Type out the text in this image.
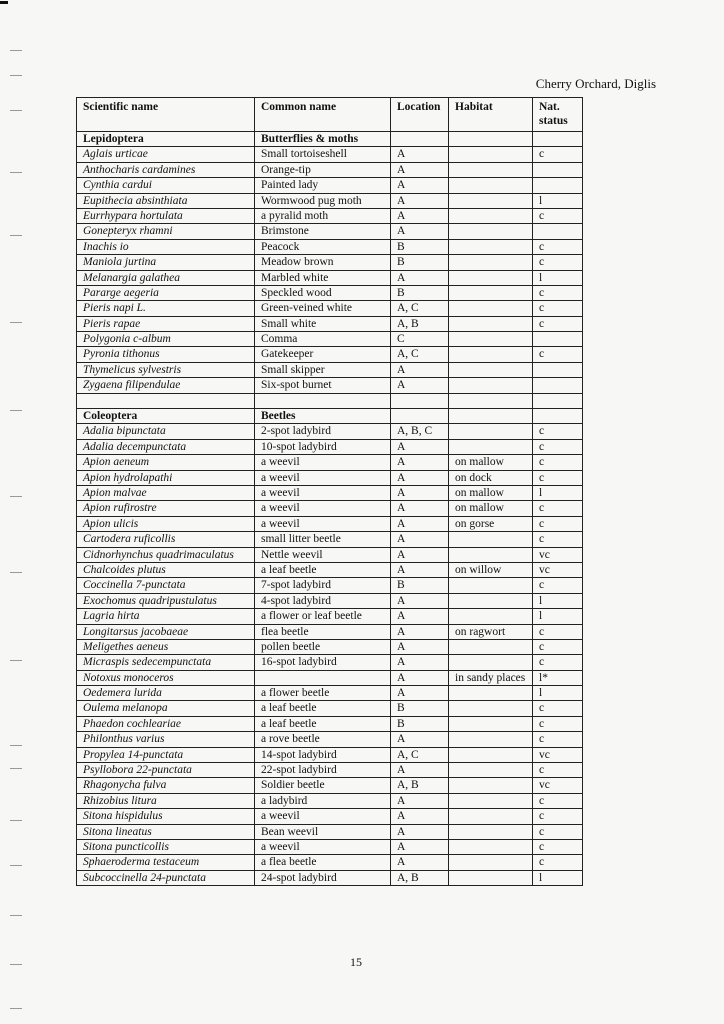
Cherry Orchard, Diglis
Scientific name	Common name	Location	Habitat	Nat. status
Lepidoptera	Butterflies & moths			
Aglais urticae	Small tortoiseshell	A		c
Anthocharis cardamines	Orange-tip	A		
Cynthia cardui	Painted lady	A		
Eupithecia absinthiata	Wormwood pug moth	A		l
Eurrhypara hortulata	a pyralid moth	A		c
Gonepteryx rhamni	Brimstone	A		
Inachis io	Peacock	B		c
Maniola jurtina	Meadow brown	B		c
Melanargia galathea	Marbled white	A		l
Pararge aegeria	Speckled wood	B		c
Pieris napi L.	Green-veined white	A, C		c
Pieris rapae	Small white	A, B		c
Polygonia c-album	Comma	C		
Pyronia tithonus	Gatekeeper	A, C		c
Thymelicus sylvestris	Small skipper	A		
Zygaena filipendulae	Six-spot burnet	A		

Coleoptera	Beetles			
Adalia bipunctata	2-spot ladybird	A, B, C		c
Adalia decempunctata	10-spot ladybird	A		c
Apion aeneum	a weevil	A	on mallow	c
Apion hydrolapathi	a weevil	A	on dock	c
Apion malvae	a weevil	A	on mallow	l
Apion rufirostre	a weevil	A	on mallow	c
Apion ulicis	a weevil	A	on gorse	c
Cartodera ruficollis	small litter beetle	A		c
Cidnorhynchus quadrimaculatus	Nettle weevil	A		vc
Chalcoides plutus	a leaf beetle	A	on willow	vc
Coccinella 7-punctata	7-spot ladybird	B		c
Exochomus quadripustulatus	4-spot ladybird	A		l
Lagria hirta	a flower or leaf beetle	A		l
Longitarsus jacobaeae	flea beetle	A	on ragwort	c
Meligethes aeneus	pollen beetle	A		c
Micraspis sedecempunctata	16-spot ladybird	A		c
Notoxus monoceros		A	in sandy places	l*
Oedemera lurida	a flower beetle	A		l
Oulema melanopa	a leaf beetle	B		c
Phaedon cochleariae	a leaf beetle	B		c
Philonthus varius	a rove beetle	A		c
Propylea 14-punctata	14-spot ladybird	A, C		vc
Psyllobora 22-punctata	22-spot ladybird	A		c
Rhagonycha fulva	Soldier beetle	A, B		vc
Rhizobius litura	a ladybird	A		c
Sitona hispidulus	a weevil	A		c
Sitona lineatus	Bean weevil	A		c
Sitona puncticollis	a weevil	A		c
Sphaeroderma testaceum	a flea beetle	A		c
Subcoccinella 24-punctata	24-spot ladybird	A, B		l
15
